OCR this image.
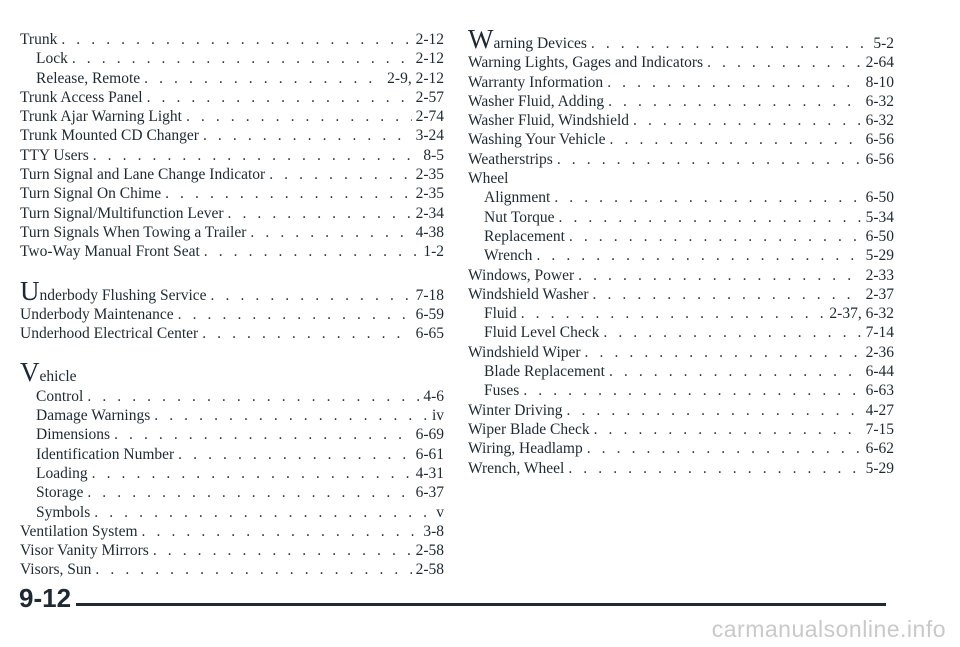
Trunk . . .	2-12
Lock . . .	2-12
Release, Remote . . .	2-9, 2-12
Trunk Access Panel . . .	2-57
Trunk Ajar Warning Light . . .	2-74
Trunk Mounted CD Changer . . .	3-24
TTY Users . . .	8-5
Turn Signal and Lane Change Indicator . . .	2-35
Turn Signal On Chime . . .	2-35
Turn Signal/Multifunction Lever . . .	2-34
Turn Signals When Towing a Trailer . . .	4-38
Two-Way Manual Front Seat . . .	1-2
Underbody Flushing Service . . .	7-18
Underbody Maintenance . . .	6-59
Underhood Electrical Center . . .	6-65
Vehicle
Control . . .	4-6
Damage Warnings . . .	iv
Dimensions . . .	6-69
Identification Number . . .	6-61
Loading . . .	4-31
Storage . . .	6-37
Symbols . . .	v
Ventilation System . . .	3-8
Visor Vanity Mirrors . . .	2-58
Visors, Sun . . .	2-58
Warning Devices . . .	5-2
Warning Lights, Gages and Indicators . . .	2-64
Warranty Information . . .	8-10
Washer Fluid, Adding . . .	6-32
Washer Fluid, Windshield . . .	6-32
Washing Your Vehicle . . .	6-56
Weatherstrips . . .	6-56
Wheel
Alignment . . .	6-50
Nut Torque . . .	5-34
Replacement . . .	6-50
Wrench . . .	5-29
Windows, Power . . .	2-33
Windshield Washer . . .	2-37
Fluid . . .	2-37, 6-32
Fluid Level Check . . .	7-14
Windshield Wiper . . .	2-36
Blade Replacement . . .	6-44
Fuses . . .	6-63
Winter Driving . . .	4-27
Wiper Blade Check . . .	7-15
Wiring, Headlamp . . .	6-62
Wrench, Wheel . . .	5-29
9-12
carmanualsonline.info
